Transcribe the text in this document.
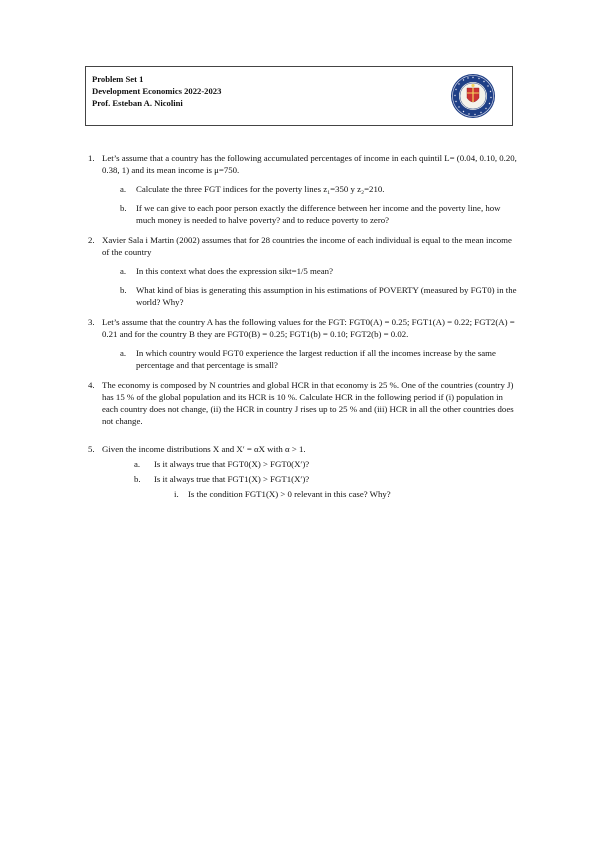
Problem Set 1
Development Economics 2022-2023
Prof. Esteban A. Nicolini
1. Let’s assume that a country has the following accumulated percentages of income in each quintil L= (0.04, 0.10, 0.20, 0.38, 1) and its mean income is μ=750.
a. Calculate the three FGT indices for the poverty lines z₁=350 y z₂=210.
b. If we can give to each poor person exactly the difference between her income and the poverty line, how much money is needed to halve poverty? and to reduce poverty to zero?
2. Xavier Sala i Martin (2002) assumes that for 28 countries the income of each individual is equal to the mean income of the country
a. In this context what does the expression sikt=1/5 mean?
b. What kind of bias is generating this assumption in his estimations of POVERTY (measured by FGT0) in the world? Why?
3. Let’s assume that the country A has the following values for the FGT: FGT0(A) = 0.25; FGT1(A) = 0.22; FGT2(A) = 0.21 and for the country B they are FGT0(B) = 0.25; FGT1(b) = 0.10; FGT2(b) = 0.02.
a. In which country would FGT0 experience the largest reduction if all the incomes increase by the same percentage and that percentage is small?
4. The economy is composed by N countries and global HCR in that economy is 25 %. One of the countries (country J) has 15 % of the global population and its HCR is 10 %. Calculate HCR in the following period if (i) population in each country does not change, (ii) the HCR in country J rises up to 25 % and (iii) HCR in all the other countries does not change.
5. Given the income distributions X and X′ = αX with α > 1.
a. Is it always true that FGT0(X) > FGT0(X′)?
b. Is it always true that FGT1(X) > FGT1(X′)?
i. Is the condition FGT1(X) > 0 relevant in this case? Why?
